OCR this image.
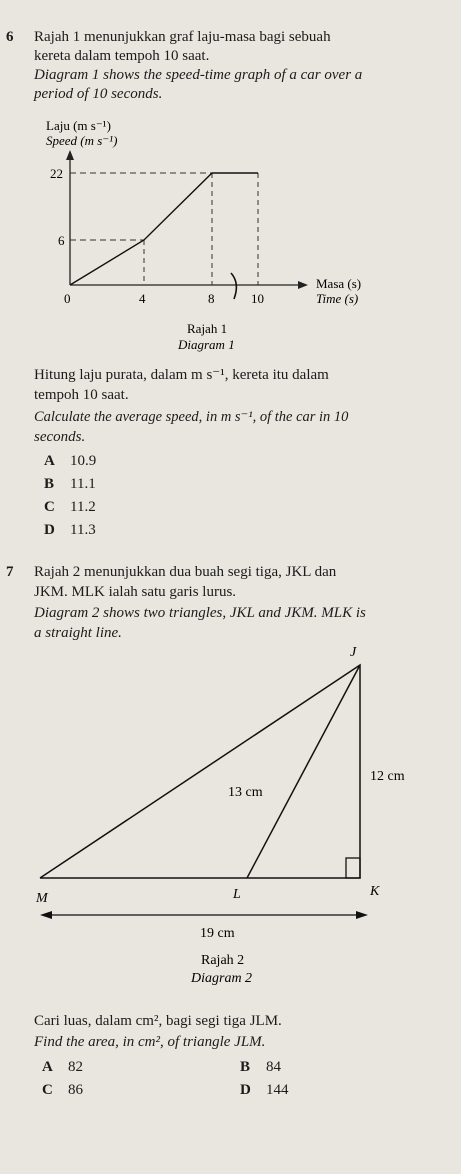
6 Rajah 1 menunjukkan graf laju-masa bagi sebuah
kereta dalam tempoh 10 saat.
Diagram 1 shows the speed-time graph of a car over a
period of 10 seconds.
Laju (m s⁻¹)
Speed (m s⁻¹)
22
6
0	4	8	10
Masa (s)
Time (s)
Rajah 1
Diagram 1
Hitung laju purata, dalam m s⁻¹, kereta itu dalam
tempoh 10 saat.
Calculate the average speed, in m s⁻¹, of the car in 10
seconds.
A 10.9
B 11.1
C 11.2
D 11.3
7 Rajah 2 menunjukkan dua buah segi tiga, JKL dan
JKM. MLK ialah satu garis lurus.
Diagram 2 shows two triangles, JKL and JKM. MLK is
a straight line.
J
M	L	K
13 cm
12 cm
19 cm
Rajah 2
Diagram 2
Cari luas, dalam cm², bagi segi tiga JLM.
Find the area, in cm², of triangle JLM.
A 82	B 84
C 86	D 144
